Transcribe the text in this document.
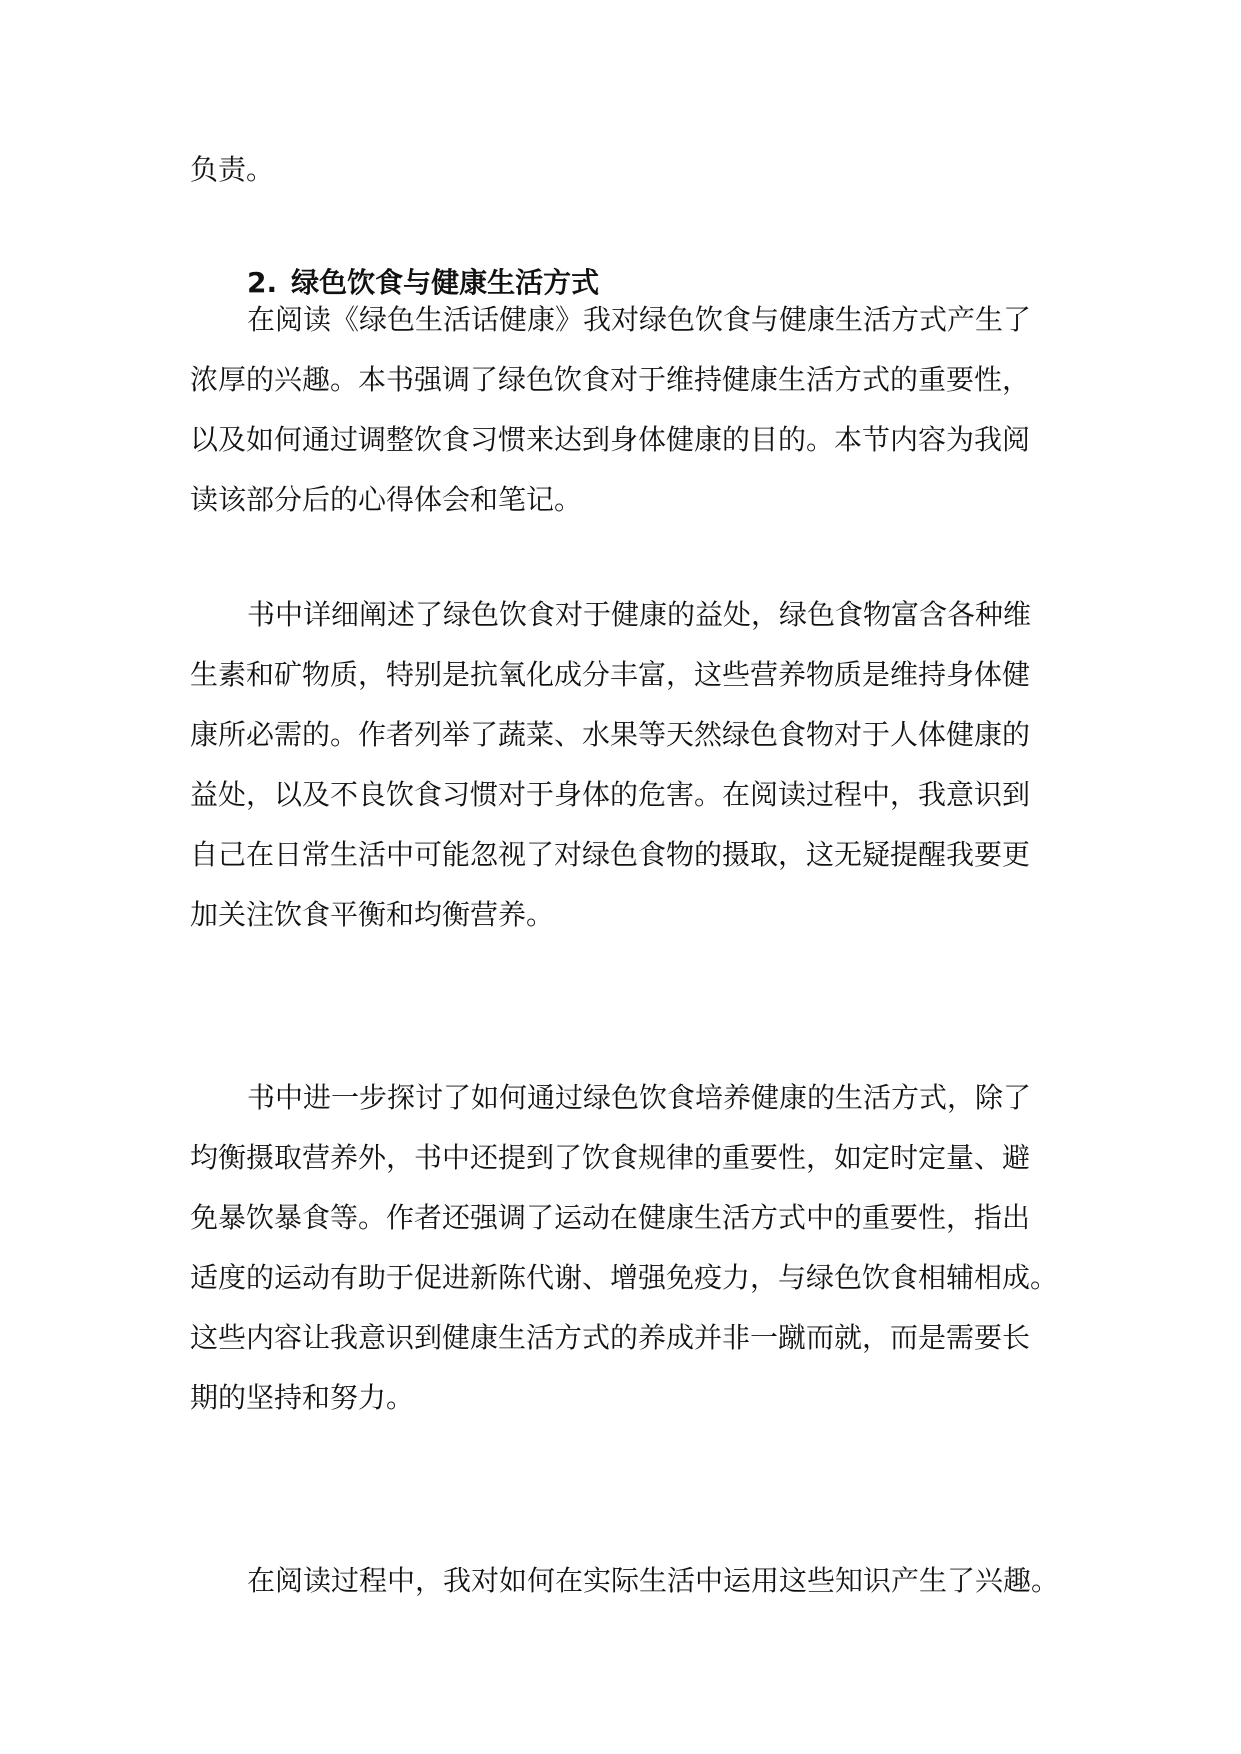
负责。
2. 绿色饮食与健康生活方式
在阅读《绿色生活话健康》我对绿色饮食与健康生活方式产生了
浓厚的兴趣。本书强调了绿色饮食对于维持健康生活方式的重要性，
以及如何通过调整饮食习惯来达到身体健康的目的。本节内容为我阅
读该部分后的心得体会和笔记。
书中详细阐述了绿色饮食对于健康的益处，绿色食物富含各种维
生素和矿物质，特别是抗氧化成分丰富，这些营养物质是维持身体健
康所必需的。作者列举了蔬菜、水果等天然绿色食物对于人体健康的
益处，以及不良饮食习惯对于身体的危害。在阅读过程中，我意识到
自己在日常生活中可能忽视了对绿色食物的摄取，这无疑提醒我要更
加关注饮食平衡和均衡营养。
书中进一步探讨了如何通过绿色饮食培养健康的生活方式，除了
均衡摄取营养外，书中还提到了饮食规律的重要性，如定时定量、避
免暴饮暴食等。作者还强调了运动在健康生活方式中的重要性，指出
适度的运动有助于促进新陈代谢、增强免疫力，与绿色饮食相辅相成。
这些内容让我意识到健康生活方式的养成并非一蹴而就，而是需要长
期的坚持和努力。
在阅读过程中，我对如何在实际生活中运用这些知识产生了兴趣。
